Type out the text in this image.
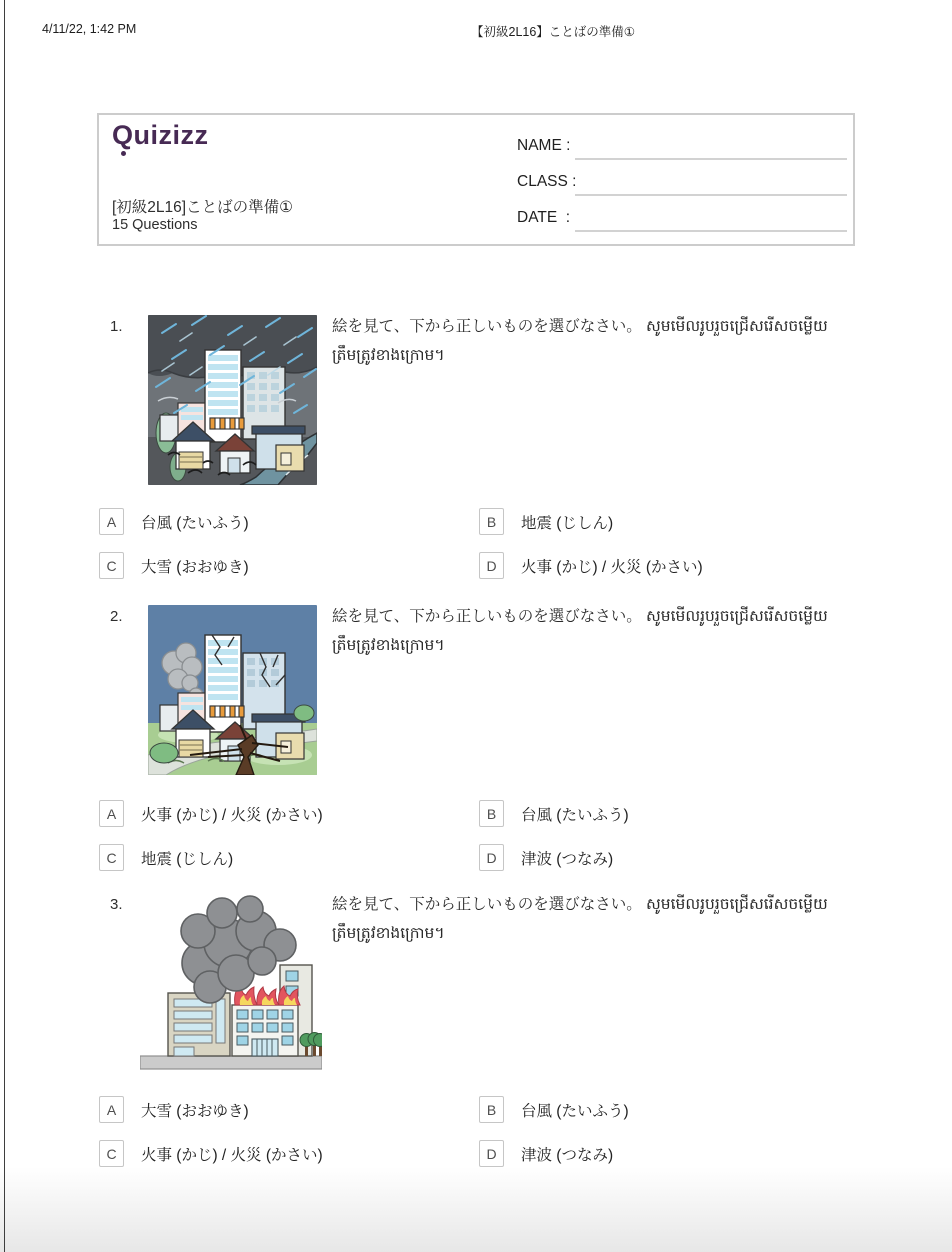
4/11/22, 1:42 PM	【初級2L16】ことばの準備①
Quizizz
[初級2L16]ことばの準備①
15 Questions
NAME :
CLASS :
DATE  :
1.	絵を見て、下から正しいものを選びなさい。 សូមមើលរូបរួចជ្រើសរើសចម្លើយត្រឹមត្រូវខាងក្រោម។
A	台風 (たいふう)	B	地震 (じしん)
C	大雪 (おおゆき)	D	火事 (かじ) / 火災 (かさい)
2.	絵を見て、下から正しいものを選びなさい。 សូមមើលរូបរួចជ្រើសរើសចម្លើយត្រឹមត្រូវខាងក្រោម។
A	火事 (かじ) / 火災 (かさい)	B	台風 (たいふう)
C	地震 (じしん)	D	津波 (つなみ)
3.	絵を見て、下から正しいものを選びなさい。 សូមមើលរូបរួចជ្រើសរើសចម្លើយត្រឹមត្រូវខាងក្រោម។
A	大雪 (おおゆき)	B	台風 (たいふう)
C	火事 (かじ) / 火災 (かさい)	D	津波 (つなみ)
